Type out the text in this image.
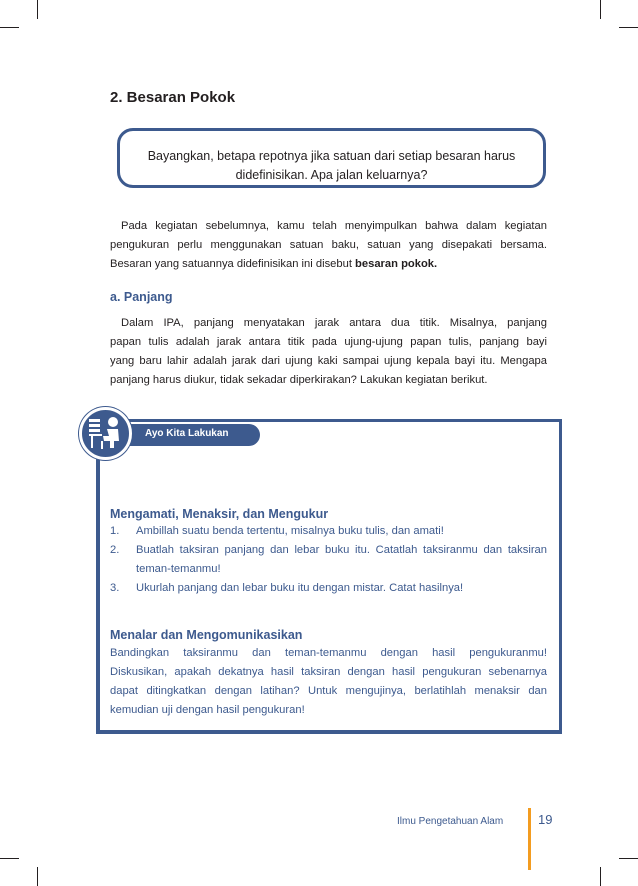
2. Besaran Pokok
Bayangkan, betapa repotnya jika satuan dari setiap besaran harus
didefinisikan. Apa jalan keluarnya?
Pada kegiatan sebelumnya, kamu telah menyimpulkan bahwa dalam kegiatan
pengukuran perlu menggunakan satuan baku, satuan yang disepakati bersama.
Besaran yang satuannya didefinisikan ini disebut besaran pokok.
a. Panjang
Dalam IPA, panjang menyatakan jarak antara dua titik. Misalnya, panjang
papan tulis adalah jarak antara titik pada ujung-ujung papan tulis, panjang bayi
yang baru lahir adalah jarak dari ujung kaki sampai ujung kepala bayi itu. Mengapa
panjang harus diukur, tidak sekadar diperkirakan? Lakukan kegiatan berikut.
Ayo Kita Lakukan
Mengamati, Menaksir, dan Mengukur
1. Ambillah suatu benda tertentu, misalnya buku tulis, dan amati!
2. Buatlah taksiran panjang dan lebar buku itu. Catatlah taksiranmu dan taksiran
teman-temanmu!
3. Ukurlah panjang dan lebar buku itu dengan mistar. Catat hasilnya!
Menalar dan Mengomunikasikan
Bandingkan taksiranmu dan teman-temanmu dengan hasil pengukuranmu!
Diskusikan, apakah dekatnya hasil taksiran dengan hasil pengukuran sebenarnya
dapat ditingkatkan dengan latihan? Untuk mengujinya, berlatihlah menaksir dan
kemudian uji dengan hasil pengukuran!
Ilmu Pengetahuan Alam	19
